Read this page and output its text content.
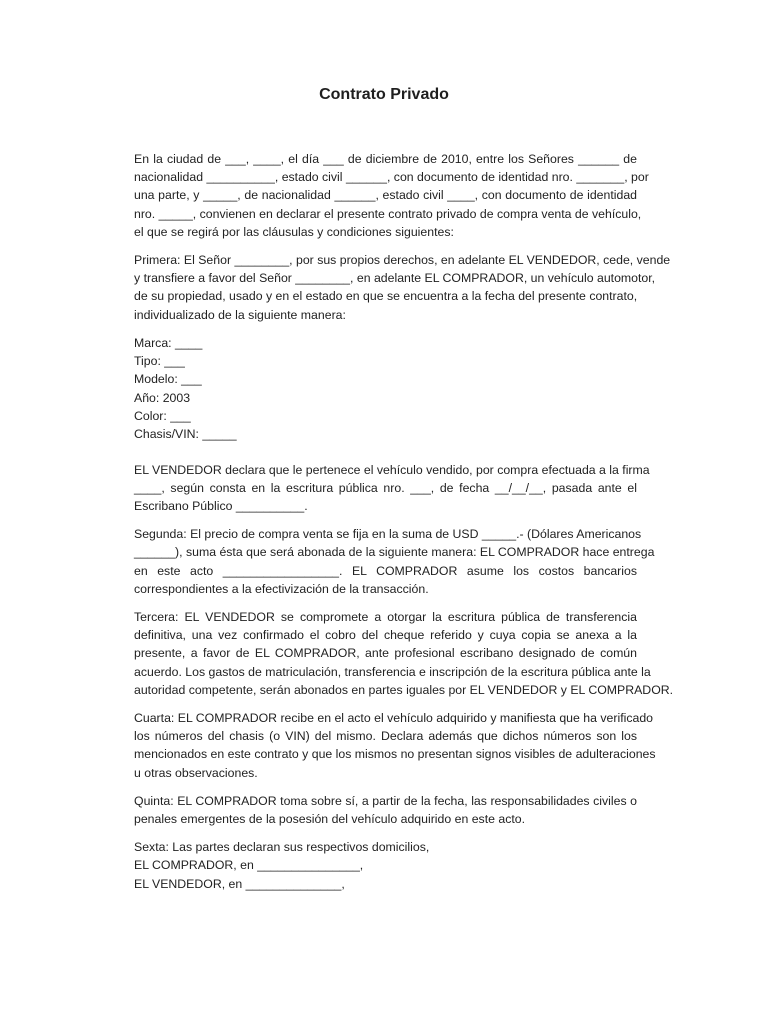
Contrato Privado
En la ciudad de ___, ____, el día ___ de diciembre de 2010, entre los Señores ______ de
nacionalidad __________, estado civil ______, con documento de identidad nro. _______, por
una parte, y _____, de nacionalidad ______, estado civil ____, con documento de identidad
nro. _____, convienen en declarar el presente contrato privado de compra venta de vehículo,
el que se regirá por las cláusulas y condiciones siguientes:
Primera: El Señor ________, por sus propios derechos, en adelante EL VENDEDOR, cede, vende
y transfiere a favor del Señor ________, en adelante EL COMPRADOR, un vehículo automotor,
de su propiedad, usado y en el estado en que se encuentra a la fecha del presente contrato,
individualizado de la siguiente manera:
Marca: ____
Tipo: ___
Modelo: ___
Año: 2003
Color: ___
Chasis/VIN: _____
EL VENDEDOR declara que le pertenece el vehículo vendido, por compra efectuada a la firma
____, según consta en la escritura pública nro. ___, de fecha __/__/__, pasada ante el
Escribano Público __________.
Segunda: El precio de compra venta se fija en la suma de USD _____.- (Dólares Americanos
______), suma ésta que será abonada de la siguiente manera: EL COMPRADOR hace entrega
en este acto _________________. EL COMPRADOR asume los costos bancarios
correspondientes a la efectivización de la transacción.
Tercera: EL VENDEDOR se compromete a otorgar la escritura pública de transferencia
definitiva, una vez confirmado el cobro del cheque referido y cuya copia se anexa a la
presente, a favor de EL COMPRADOR, ante profesional escribano designado de común
acuerdo. Los gastos de matriculación, transferencia e inscripción de la escritura pública ante la
autoridad competente, serán abonados en partes iguales por EL VENDEDOR y EL COMPRADOR.
Cuarta: EL COMPRADOR recibe en el acto el vehículo adquirido y manifiesta que ha verificado
los números del chasis (o VIN) del mismo. Declara además que dichos números son los
mencionados en este contrato y que los mismos no presentan signos visibles de adulteraciones
u otras observaciones.
Quinta: EL COMPRADOR toma sobre sí, a partir de la fecha, las responsabilidades civiles o
penales emergentes de la posesión del vehículo adquirido en este acto.
Sexta: Las partes declaran sus respectivos domicilios,
EL COMPRADOR, en _______________,
EL VENDEDOR, en ______________,
